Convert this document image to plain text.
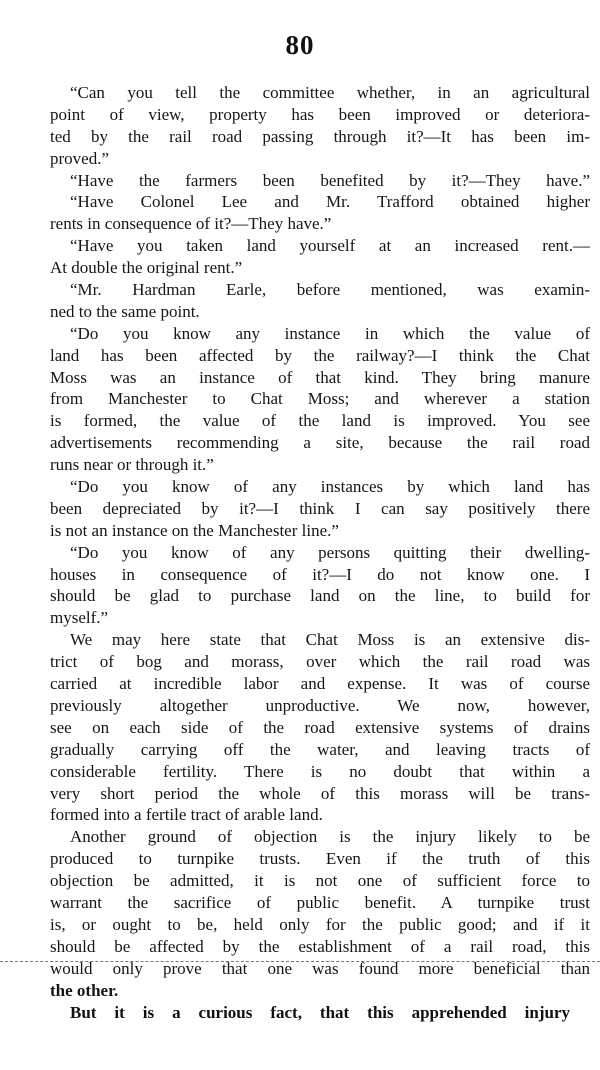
80
“Can you tell the committee whether, in an agricultural
point of view, property has been improved or deteriora-
ted by the rail road passing through it?—It has been im-
proved.”
“Have the farmers been benefited by it?—They have.”
“Have Colonel Lee and Mr. Trafford obtained higher
rents in consequence of it?—They have.”
“Have you taken land yourself at an increased rent.—
At double the original rent.”
“Mr. Hardman Earle, before mentioned, was examin-
ned to the same point.
“Do you know any instance in which the value of
land has been affected by the railway?—I think the Chat
Moss was an instance of that kind. They bring manure
from Manchester to Chat Moss; and wherever a station
is formed, the value of the land is improved. You see
advertisements recommending a site, because the rail road
runs near or through it.”
“Do you know of any instances by which land has
been depreciated by it?—I think I can say positively there
is not an instance on the Manchester line.”
“Do you know of any persons quitting their dwelling-
houses in consequence of it?—I do not know one. I
should be glad to purchase land on the line, to build for
myself.”
We may here state that Chat Moss is an extensive dis-
trict of bog and morass, over which the rail road was
carried at incredible labor and expense. It was of course
previously altogether unproductive. We now, however,
see on each side of the road extensive systems of drains
gradually carrying off the water, and leaving tracts of
considerable fertility. There is no doubt that within a
very short period the whole of this morass will be trans-
formed into a fertile tract of arable land.
Another ground of objection is the injury likely to be
produced to turnpike trusts. Even if the truth of this
objection be admitted, it is not one of sufficient force to
warrant the sacrifice of public benefit. A turnpike trust
is, or ought to be, held only for the public good; and if it
should be affected by the establishment of a rail road, this
would only prove that one was found more beneficial than
the other.
But it is a curious fact, that this apprehended injury
